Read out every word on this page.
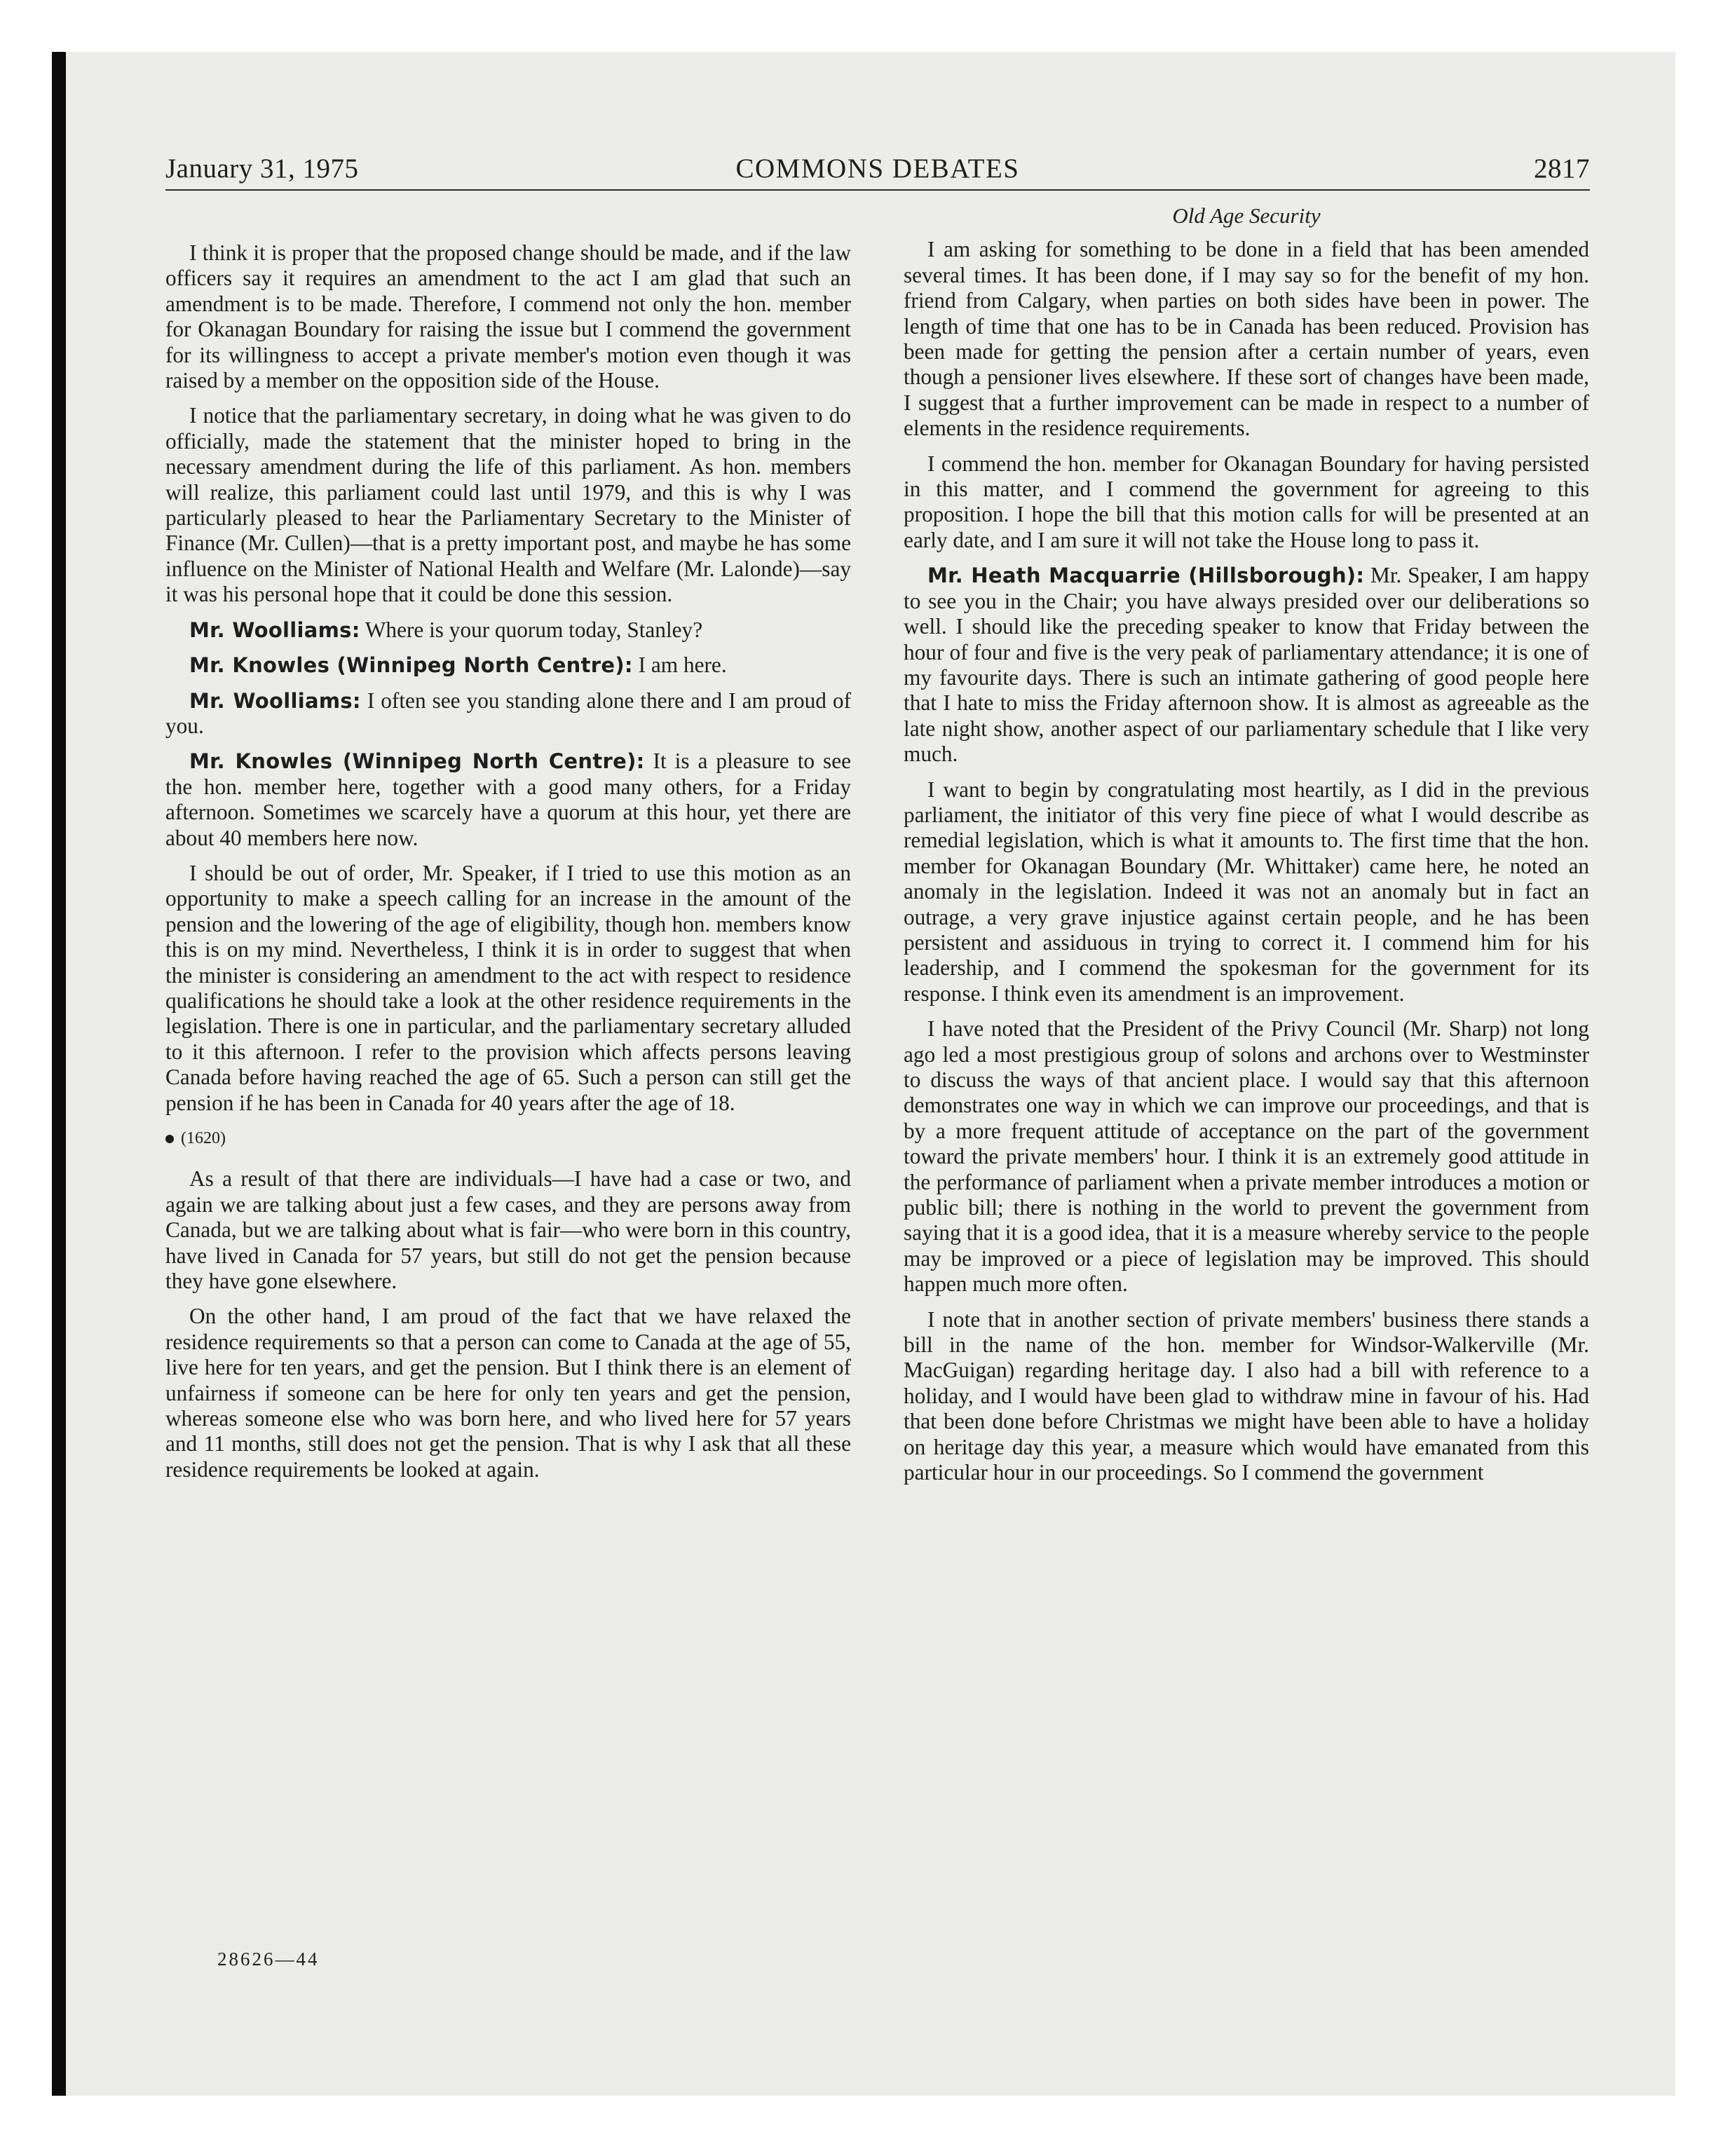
January 31, 1975	COMMONS DEBATES	2817

I think it is proper that the proposed change should be made, and if the law officers say it requires an amendment to the act I am glad that such an amendment is to be made. Therefore, I commend not only the hon. member for Okanagan Boundary for raising the issue but I commend the government for its willingness to accept a private member's motion even though it was raised by a member on the opposition side of the House.

I notice that the parliamentary secretary, in doing what he was given to do officially, made the statement that the minister hoped to bring in the necessary amendment during the life of this parliament. As hon. members will realize, this parliament could last until 1979, and this is why I was particularly pleased to hear the Parliamentary Secretary to the Minister of Finance (Mr. Cullen)—that is a pretty important post, and maybe he has some influence on the Minister of National Health and Welfare (Mr. Lalonde)—say it was his personal hope that it could be done this session.

Mr. Woolliams: Where is your quorum today, Stanley?

Mr. Knowles (Winnipeg North Centre): I am here.

Mr. Woolliams: I often see you standing alone there and I am proud of you.

Mr. Knowles (Winnipeg North Centre): It is a pleasure to see the hon. member here, together with a good many others, for a Friday afternoon. Sometimes we scarcely have a quorum at this hour, yet there are about 40 members here now.

I should be out of order, Mr. Speaker, if I tried to use this motion as an opportunity to make a speech calling for an increase in the amount of the pension and the lowering of the age of eligibility, though hon. members know this is on my mind. Nevertheless, I think it is in order to suggest that when the minister is considering an amendment to the act with respect to residence qualifications he should take a look at the other residence requirements in the legislation. There is one in particular, and the parliamentary secretary alluded to it this afternoon. I refer to the provision which affects persons leaving Canada before having reached the age of 65. Such a person can still get the pension if he has been in Canada for 40 years after the age of 18.

(1620)

As a result of that there are individuals—I have had a case or two, and again we are talking about just a few cases, and they are persons away from Canada, but we are talking about what is fair—who were born in this country, have lived in Canada for 57 years, but still do not get the pension because they have gone elsewhere.

On the other hand, I am proud of the fact that we have relaxed the residence requirements so that a person can come to Canada at the age of 55, live here for ten years, and get the pension. But I think there is an element of unfairness if someone can be here for only ten years and get the pension, whereas someone else who was born here, and who lived here for 57 years and 11 months, still does not get the pension. That is why I ask that all these residence requirements be looked at again.

Old Age Security

I am asking for something to be done in a field that has been amended several times. It has been done, if I may say so for the benefit of my hon. friend from Calgary, when parties on both sides have been in power. The length of time that one has to be in Canada has been reduced. Provision has been made for getting the pension after a certain number of years, even though a pensioner lives elsewhere. If these sort of changes have been made, I suggest that a further improvement can be made in respect to a number of elements in the residence requirements.

I commend the hon. member for Okanagan Boundary for having persisted in this matter, and I commend the government for agreeing to this proposition. I hope the bill that this motion calls for will be presented at an early date, and I am sure it will not take the House long to pass it.

Mr. Heath Macquarrie (Hillsborough): Mr. Speaker, I am happy to see you in the Chair; you have always presided over our deliberations so well. I should like the preceding speaker to know that Friday between the hour of four and five is the very peak of parliamentary attendance; it is one of my favourite days. There is such an intimate gathering of good people here that I hate to miss the Friday afternoon show. It is almost as agreeable as the late night show, another aspect of our parliamentary schedule that I like very much.

I want to begin by congratulating most heartily, as I did in the previous parliament, the initiator of this very fine piece of what I would describe as remedial legislation, which is what it amounts to. The first time that the hon. member for Okanagan Boundary (Mr. Whittaker) came here, he noted an anomaly in the legislation. Indeed it was not an anomaly but in fact an outrage, a very grave injustice against certain people, and he has been persistent and assiduous in trying to correct it. I commend him for his leadership, and I commend the spokesman for the government for its response. I think even its amendment is an improvement.

I have noted that the President of the Privy Council (Mr. Sharp) not long ago led a most prestigious group of solons and archons over to Westminster to discuss the ways of that ancient place. I would say that this afternoon demonstrates one way in which we can improve our proceedings, and that is by a more frequent attitude of acceptance on the part of the government toward the private members' hour. I think it is an extremely good attitude in the performance of parliament when a private member introduces a motion or public bill; there is nothing in the world to prevent the government from saying that it is a good idea, that it is a measure whereby service to the people may be improved or a piece of legislation may be improved. This should happen much more often.

I note that in another section of private members' business there stands a bill in the name of the hon. member for Windsor-Walkerville (Mr. MacGuigan) regarding heritage day. I also had a bill with reference to a holiday, and I would have been glad to withdraw mine in favour of his. Had that been done before Christmas we might have been able to have a holiday on heritage day this year, a measure which would have emanated from this particular hour in our proceedings. So I commend the government

28626—44
